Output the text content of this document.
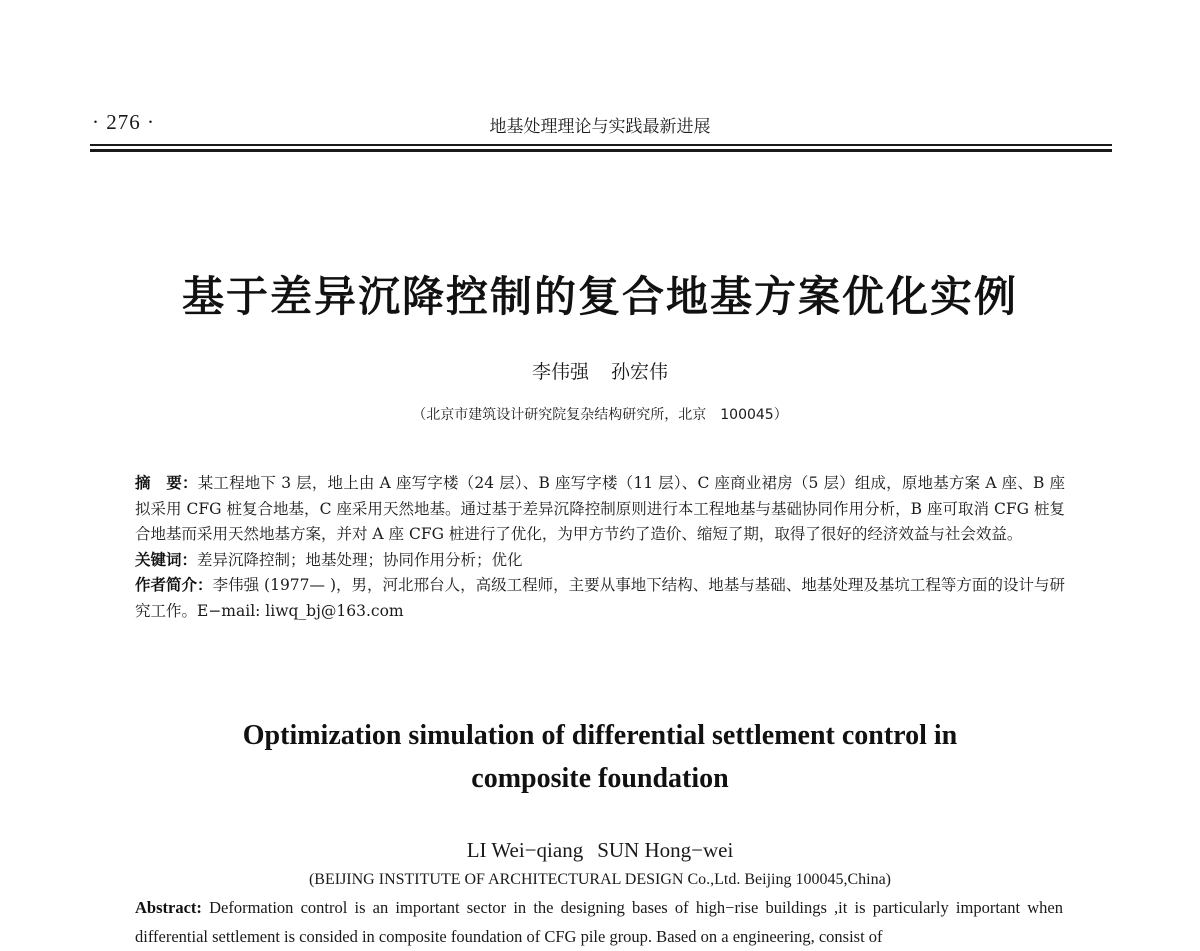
· 276 ·	地基处理理论与实践最新进展
基于差异沉降控制的复合地基方案优化实例
李伟强 孙宏伟
（北京市建筑设计研究院复杂结构研究所，北京　100045）

摘　要：某工程地下 3 层，地上由 A 座写字楼（24 层）、B 座写字楼（11 层）、C 座商业裙房（5 层）组成，原地基方案 A 座、B 座拟采用 CFG 桩复合地基，C 座采用天然地基。通过基于差异沉降控制原则进行本工程地基与基础协同作用分析，B 座可取消 CFG 桩复合地基而采用天然地基方案，并对 A 座 CFG 桩进行了优化，为甲方节约了造价、缩短了期，取得了很好的经济效益与社会效益。

关键词：差异沉降控制；地基处理；协同作用分析；优化

作者简介：李伟强 (1977— )，男，河北邢台人，高级工程师，主要从事地下结构、地基与基础、地基处理及基坑工程等方面的设计与研究工作。E−mail: liwq_bj@163.com

Optimization simulation of differential settlement control in
composite foundation
LI Wei−qiang SUN Hong−wei
(BEIJING INSTITUTE OF ARCHITECTURAL DESIGN Co.,Ltd. Beijing 100045,China)
Abstract: Deformation control is an important sector in the designing bases of high−rise buildings ,it is particularly important when differential settlement is consided in composite foundation of CFG pile group. Based on a engineering, consist of
